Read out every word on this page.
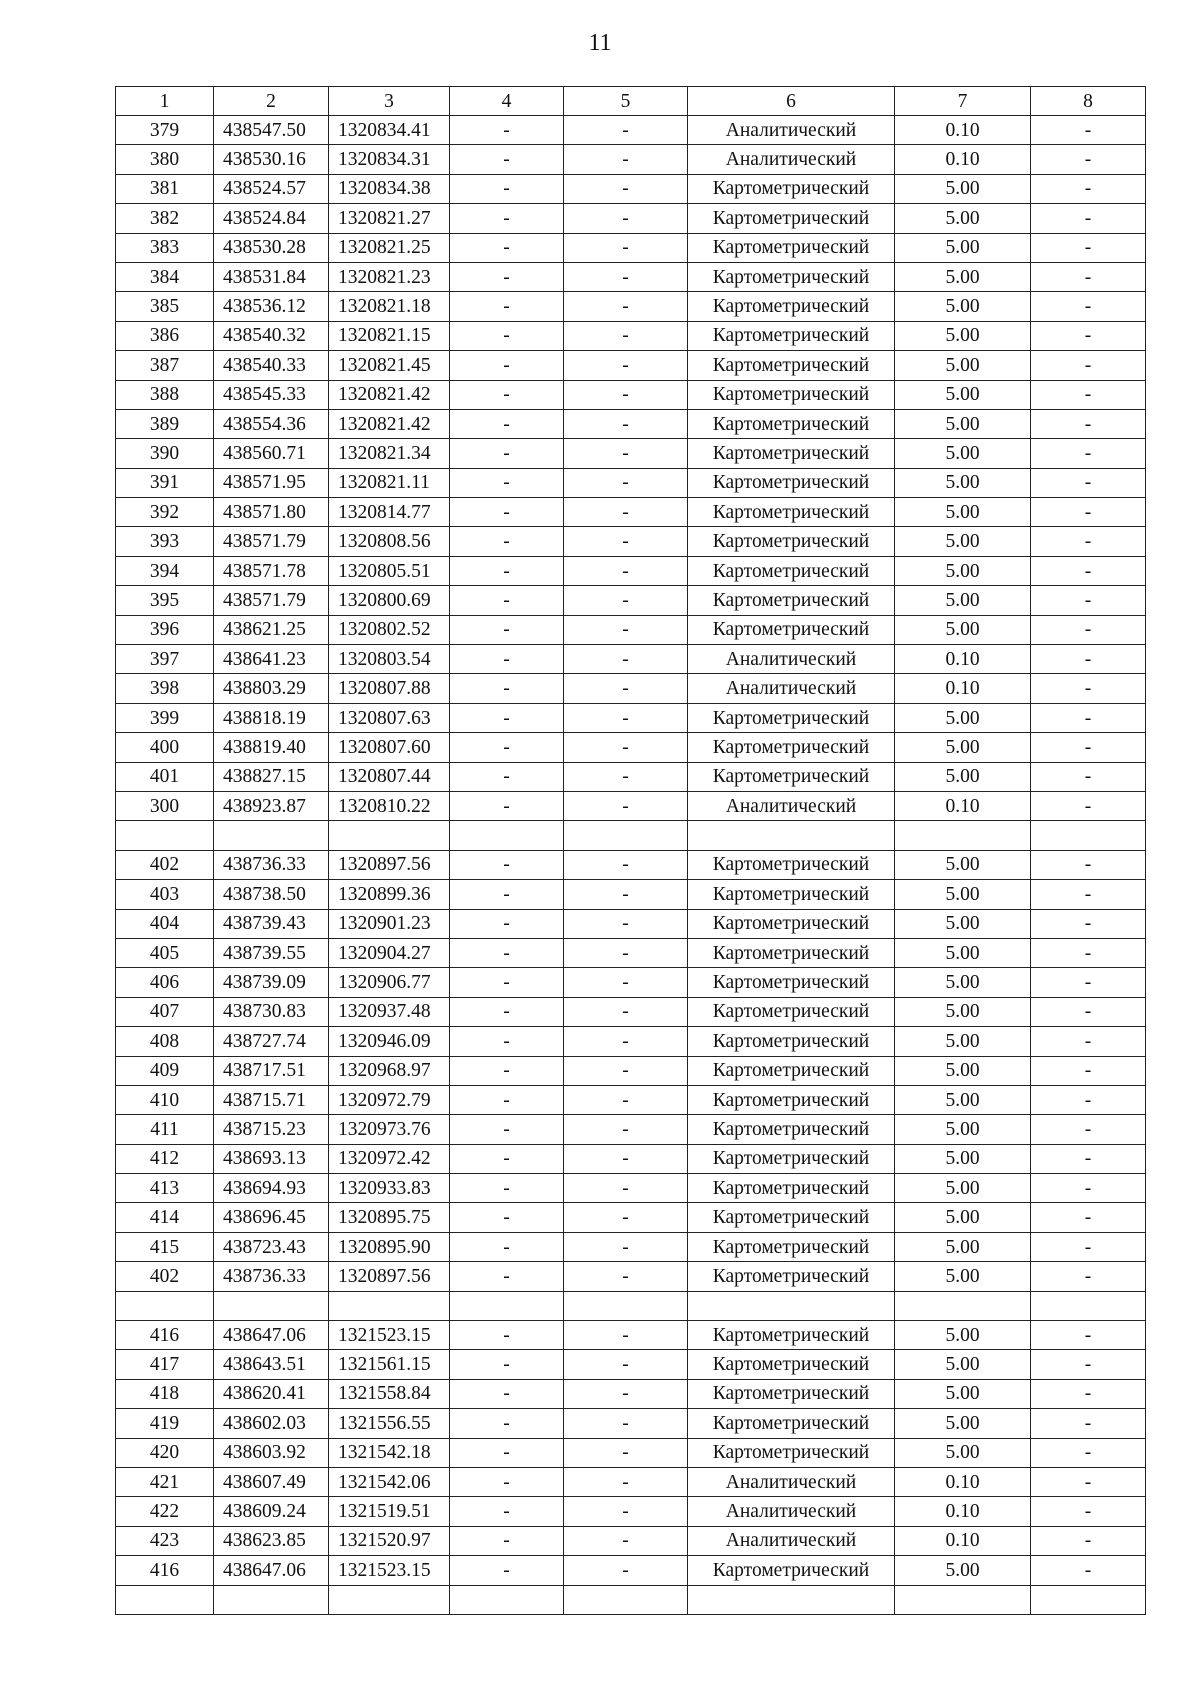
11
1	2	3	4	5	6	7	8
379	438547.50	1320834.41	-	-	Аналитический	0.10	-
380	438530.16	1320834.31	-	-	Аналитический	0.10	-
381	438524.57	1320834.38	-	-	Картометрический	5.00	-
382	438524.84	1320821.27	-	-	Картометрический	5.00	-
383	438530.28	1320821.25	-	-	Картометрический	5.00	-
384	438531.84	1320821.23	-	-	Картометрический	5.00	-
385	438536.12	1320821.18	-	-	Картометрический	5.00	-
386	438540.32	1320821.15	-	-	Картометрический	5.00	-
387	438540.33	1320821.45	-	-	Картометрический	5.00	-
388	438545.33	1320821.42	-	-	Картометрический	5.00	-
389	438554.36	1320821.42	-	-	Картометрический	5.00	-
390	438560.71	1320821.34	-	-	Картометрический	5.00	-
391	438571.95	1320821.11	-	-	Картометрический	5.00	-
392	438571.80	1320814.77	-	-	Картометрический	5.00	-
393	438571.79	1320808.56	-	-	Картометрический	5.00	-
394	438571.78	1320805.51	-	-	Картометрический	5.00	-
395	438571.79	1320800.69	-	-	Картометрический	5.00	-
396	438621.25	1320802.52	-	-	Картометрический	5.00	-
397	438641.23	1320803.54	-	-	Аналитический	0.10	-
398	438803.29	1320807.88	-	-	Аналитический	0.10	-
399	438818.19	1320807.63	-	-	Картометрический	5.00	-
400	438819.40	1320807.60	-	-	Картометрический	5.00	-
401	438827.15	1320807.44	-	-	Картометрический	5.00	-
300	438923.87	1320810.22	-	-	Аналитический	0.10	-

402	438736.33	1320897.56	-	-	Картометрический	5.00	-
403	438738.50	1320899.36	-	-	Картометрический	5.00	-
404	438739.43	1320901.23	-	-	Картометрический	5.00	-
405	438739.55	1320904.27	-	-	Картометрический	5.00	-
406	438739.09	1320906.77	-	-	Картометрический	5.00	-
407	438730.83	1320937.48	-	-	Картометрический	5.00	-
408	438727.74	1320946.09	-	-	Картометрический	5.00	-
409	438717.51	1320968.97	-	-	Картометрический	5.00	-
410	438715.71	1320972.79	-	-	Картометрический	5.00	-
411	438715.23	1320973.76	-	-	Картометрический	5.00	-
412	438693.13	1320972.42	-	-	Картометрический	5.00	-
413	438694.93	1320933.83	-	-	Картометрический	5.00	-
414	438696.45	1320895.75	-	-	Картометрический	5.00	-
415	438723.43	1320895.90	-	-	Картометрический	5.00	-
402	438736.33	1320897.56	-	-	Картометрический	5.00	-

416	438647.06	1321523.15	-	-	Картометрический	5.00	-
417	438643.51	1321561.15	-	-	Картометрический	5.00	-
418	438620.41	1321558.84	-	-	Картометрический	5.00	-
419	438602.03	1321556.55	-	-	Картометрический	5.00	-
420	438603.92	1321542.18	-	-	Картометрический	5.00	-
421	438607.49	1321542.06	-	-	Аналитический	0.10	-
422	438609.24	1321519.51	-	-	Аналитический	0.10	-
423	438623.85	1321520.97	-	-	Аналитический	0.10	-
416	438647.06	1321523.15	-	-	Картометрический	5.00	-
